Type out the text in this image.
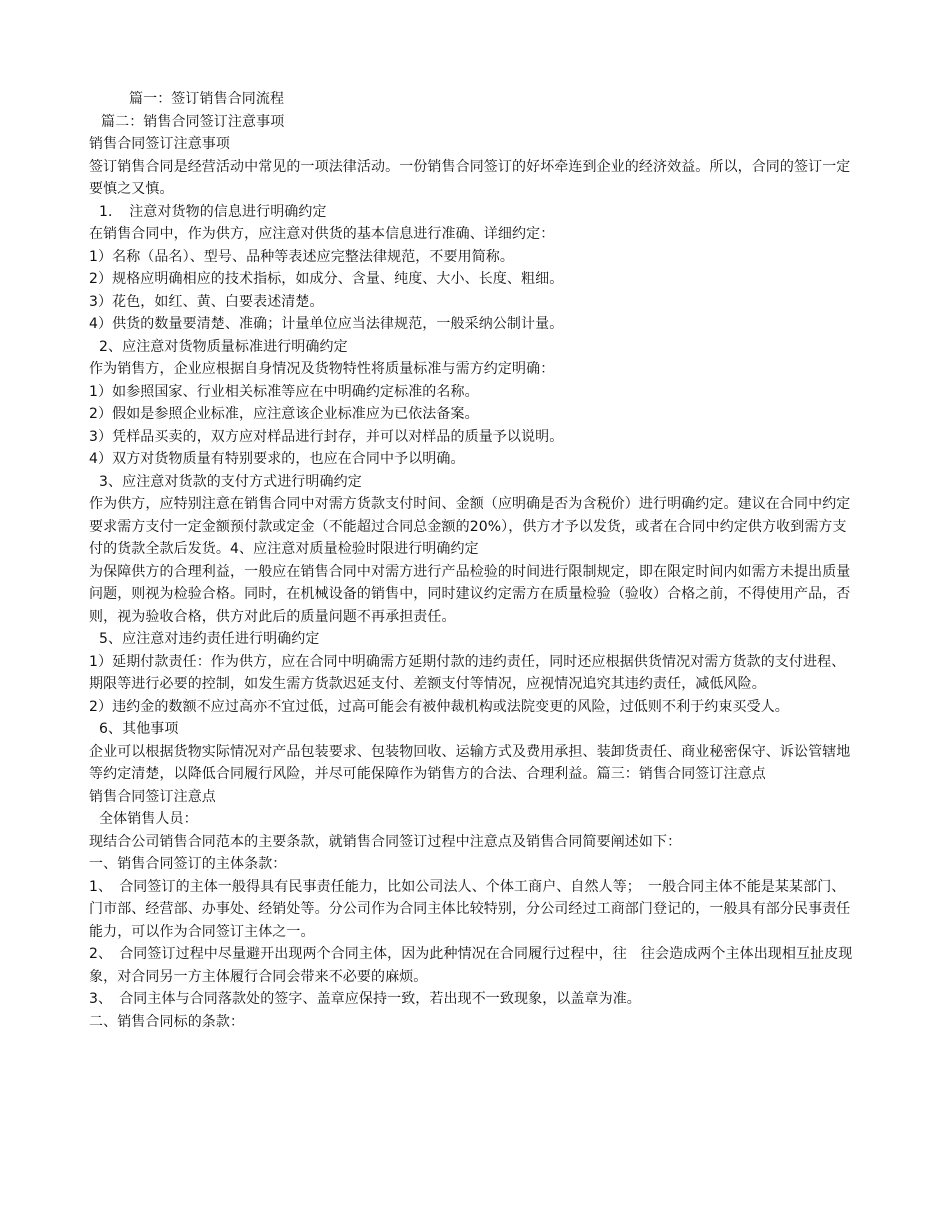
篇一：签订销售合同流程

篇二：销售合同签订注意事项

销售合同签订注意事项

签订销售合同是经营活动中常见的一项法律活动。一份销售合同签订的好坏牵连到企业的经济效益。所以，合同的签订一定要慎之又慎。

1．　注意对货物的信息进行明确约定

在销售合同中，作为供方，应注意对供货的基本信息进行准确、详细约定：

1）名称（品名）、型号、品种等表述应完整法律规范，不要用简称。

2）规格应明确相应的技术指标，如成分、含量、纯度、大小、长度、粗细。

3）花色，如红、黄、白要表述清楚。

4）供货的数量要清楚、准确；计量单位应当法律规范，一般采纳公制计量。

2、应注意对货物质量标准进行明确约定

作为销售方，企业应根据自身情况及货物特性将质量标准与需方约定明确：

1）如参照国家、行业相关标准等应在中明确约定标准的名称。

2）假如是参照企业标准，应注意该企业标准应为已依法备案。

3）凭样品买卖的，双方应对样品进行封存，并可以对样品的质量予以说明。

4）双方对货物质量有特别要求的，也应在合同中予以明确。

3、应注意对货款的支付方式进行明确约定

作为供方，应特别注意在销售合同中对需方货款支付时间、金额（应明确是否为含税价）进行明确约定。建议在合同中约定要求需方支付一定金额预付款或定金（不能超过合同总金额的20%），供方才予以发货，或者在合同中约定供方收到需方支付的货款全款后发货。4、应注意对质量检验时限进行明确约定

为保障供方的合理利益，一般应在销售合同中对需方进行产品检验的时间进行限制规定，即在限定时间内如需方未提出质量问题，则视为检验合格。同时，在机械设备的销售中，同时建议约定需方在质量检验（验收）合格之前，不得使用产品，否则，视为验收合格，供方对此后的质量问题不再承担责任。

5、应注意对违约责任进行明确约定

1）延期付款责任：作为供方，应在合同中明确需方延期付款的违约责任，同时还应根据供货情况对需方货款的支付进程、期限等进行必要的控制，如发生需方货款迟延支付、差额支付等情况，应视情况追究其违约责任，减低风险。

2）违约金的数额不应过高亦不宜过低，过高可能会有被仲裁机构或法院变更的风险，过低则不利于约束买受人。

6、其他事项

企业可以根据货物实际情况对产品包装要求、包装物回收、运输方式及费用承担、装卸货责任、商业秘密保守、诉讼管辖地等约定清楚，以降低合同履行风险，并尽可能保障作为销售方的合法、合理利益。篇三：销售合同签订注意点

销售合同签订注意点

全体销售人员：

现结合公司销售合同范本的主要条款，就销售合同签订过程中注意点及销售合同简要阐述如下：

一、销售合同签订的主体条款：

1、　合同签订的主体一般得具有民事责任能力，比如公司法人、个体工商户、自然人等；　一般合同主体不能是某某部门、门市部、经营部、办事处、经销处等。分公司作为合同主体比较特别，分公司经过工商部门登记的，一般具有部分民事责任能力，可以作为合同签订主体之一。

2、　合同签订过程中尽量避开出现两个合同主体，因为此种情况在合同履行过程中，往　往会造成两个主体出现相互扯皮现象，对合同另一方主体履行合同会带来不必要的麻烦。

3、　合同主体与合同落款处的签字、盖章应保持一致，若出现不一致现象，以盖章为准。

二、销售合同标的条款：
